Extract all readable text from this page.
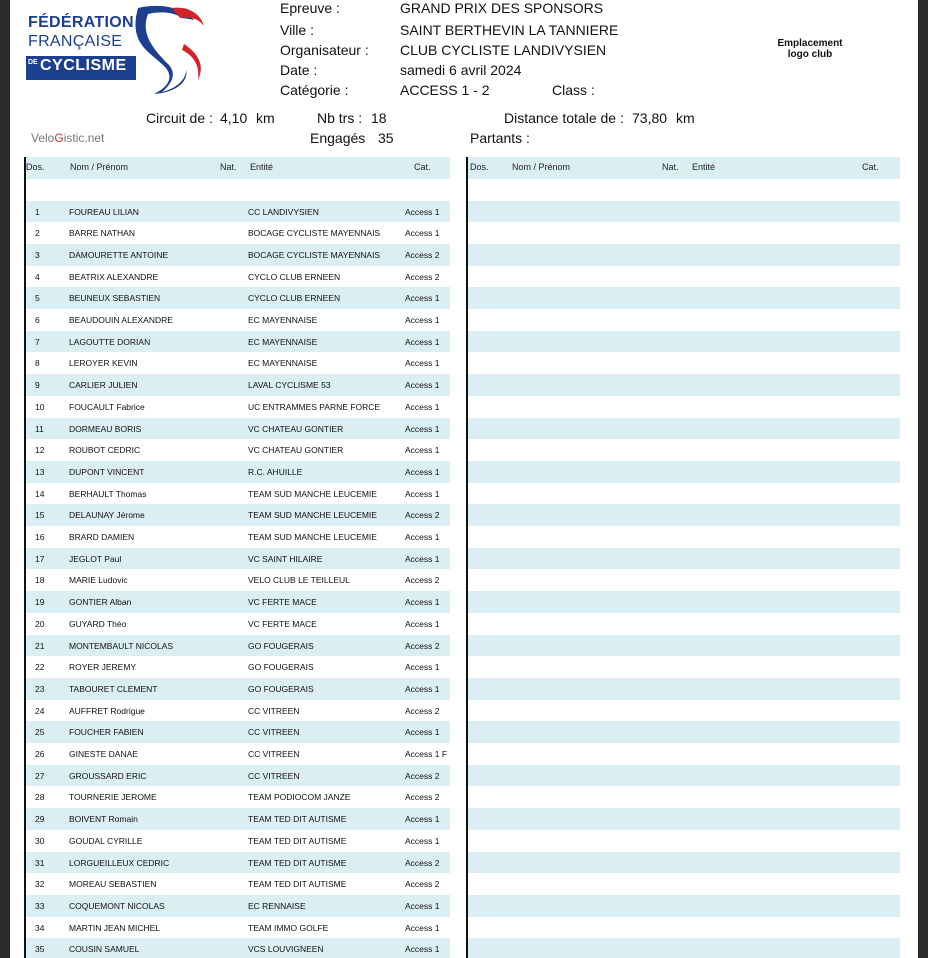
FÉDÉRATION
FRANÇAISE
DE CYCLISME
Epreuve :	GRAND PRIX DES SPONSORS
Ville :	SAINT BERTHEVIN LA TANNIERE
Organisateur : CLUB CYCLISTE LANDIVYSIEN
Date :	samedi 6 avril 2024
Catégorie :	ACCESS 1 - 2	Class :
Emplacement
logo club
Circuit de : 4,10 km	Nb trs : 18	Distance totale de : 73,80 km
VeloGistic.net	Engagés 35	Partants :
Dos.	Nom / Prénom	Nat. Entité	Cat.
1	FOUREAU LILIAN	CC LANDIVYSIEN	Access 1
2	BARRE NATHAN	BOCAGE CYCLISTE MAYENNAIS	Access 1
3	DAMOURETTE ANTOINE	BOCAGE CYCLISTE MAYENNAIS	Access 2
4	BEATRIX ALEXANDRE	CYCLO CLUB ERNEEN	Access 2
5	BEUNEUX SEBASTIEN	CYCLO CLUB ERNEEN	Access 1
6	BEAUDOUIN ALEXANDRE	EC MAYENNAISE	Access 1
7	LAGOUTTE DORIAN	EC MAYENNAISE	Access 1
8	LEROYER KEVIN	EC MAYENNAISE	Access 1
9	CARLIER JULIEN	LAVAL CYCLISME 53	Access 1
10	FOUCAULT Fabrice	UC ENTRAMMES PARNE FORCE	Access 1
11	DORMEAU BORIS	VC CHATEAU GONTIER	Access 1
12	ROUBOT CEDRIC	VC CHATEAU GONTIER	Access 1
13	DUPONT VINCENT	R.C. AHUILLE	Access 1
14	BERHAULT Thomas	TEAM SUD MANCHE LEUCEMIE	Access 1
15	DELAUNAY Jérome	TEAM SUD MANCHE LEUCEMIE	Access 2
16	BRARD DAMIEN	TEAM SUD MANCHE LEUCEMIE	Access 1
17	JEGLOT Paul	VC SAINT HILAIRE	Access 1
18	MARIE Ludovic	VELO CLUB LE TEILLEUL	Access 2
19	GONTIER Alban	VC FERTE MACE	Access 1
20	GUYARD Théo	VC FERTE MACE	Access 1
21	MONTEMBAULT NICOLAS	GO FOUGERAIS	Access 2
22	ROYER JEREMY	GO FOUGERAIS	Access 1
23	TABOURET CLEMENT	GO FOUGERAIS	Access 1
24	AUFFRET Rodrigue	CC VITREEN	Access 2
25	FOUCHER FABIEN	CC VITREEN	Access 1
26	GINESTE DANAE	CC VITREEN	Access 1 F
27	GROUSSARD ERIC	CC VITREEN	Access 2
28	TOURNERIE JEROME	TEAM PODIOCOM JANZE	Access 2
29	BOIVENT Romain	TEAM TED DIT AUTISME	Access 1
30	GOUDAL CYRILLE	TEAM TED DIT AUTISME	Access 1
31	LORGUEILLEUX CEDRIC	TEAM TED DIT AUTISME	Access 2
32	MOREAU SEBASTIEN	TEAM TED DIT AUTISME	Access 2
33	COQUEMONT NICOLAS	EC RENNAISE	Access 1
34	MARTIN JEAN MICHEL	TEAM IMMO GOLFE	Access 1
35	COUSIN SAMUEL	VCS LOUVIGNEEN	Access 1
Dos.	Nom / Prénom	Nat. Entité	Cat.
